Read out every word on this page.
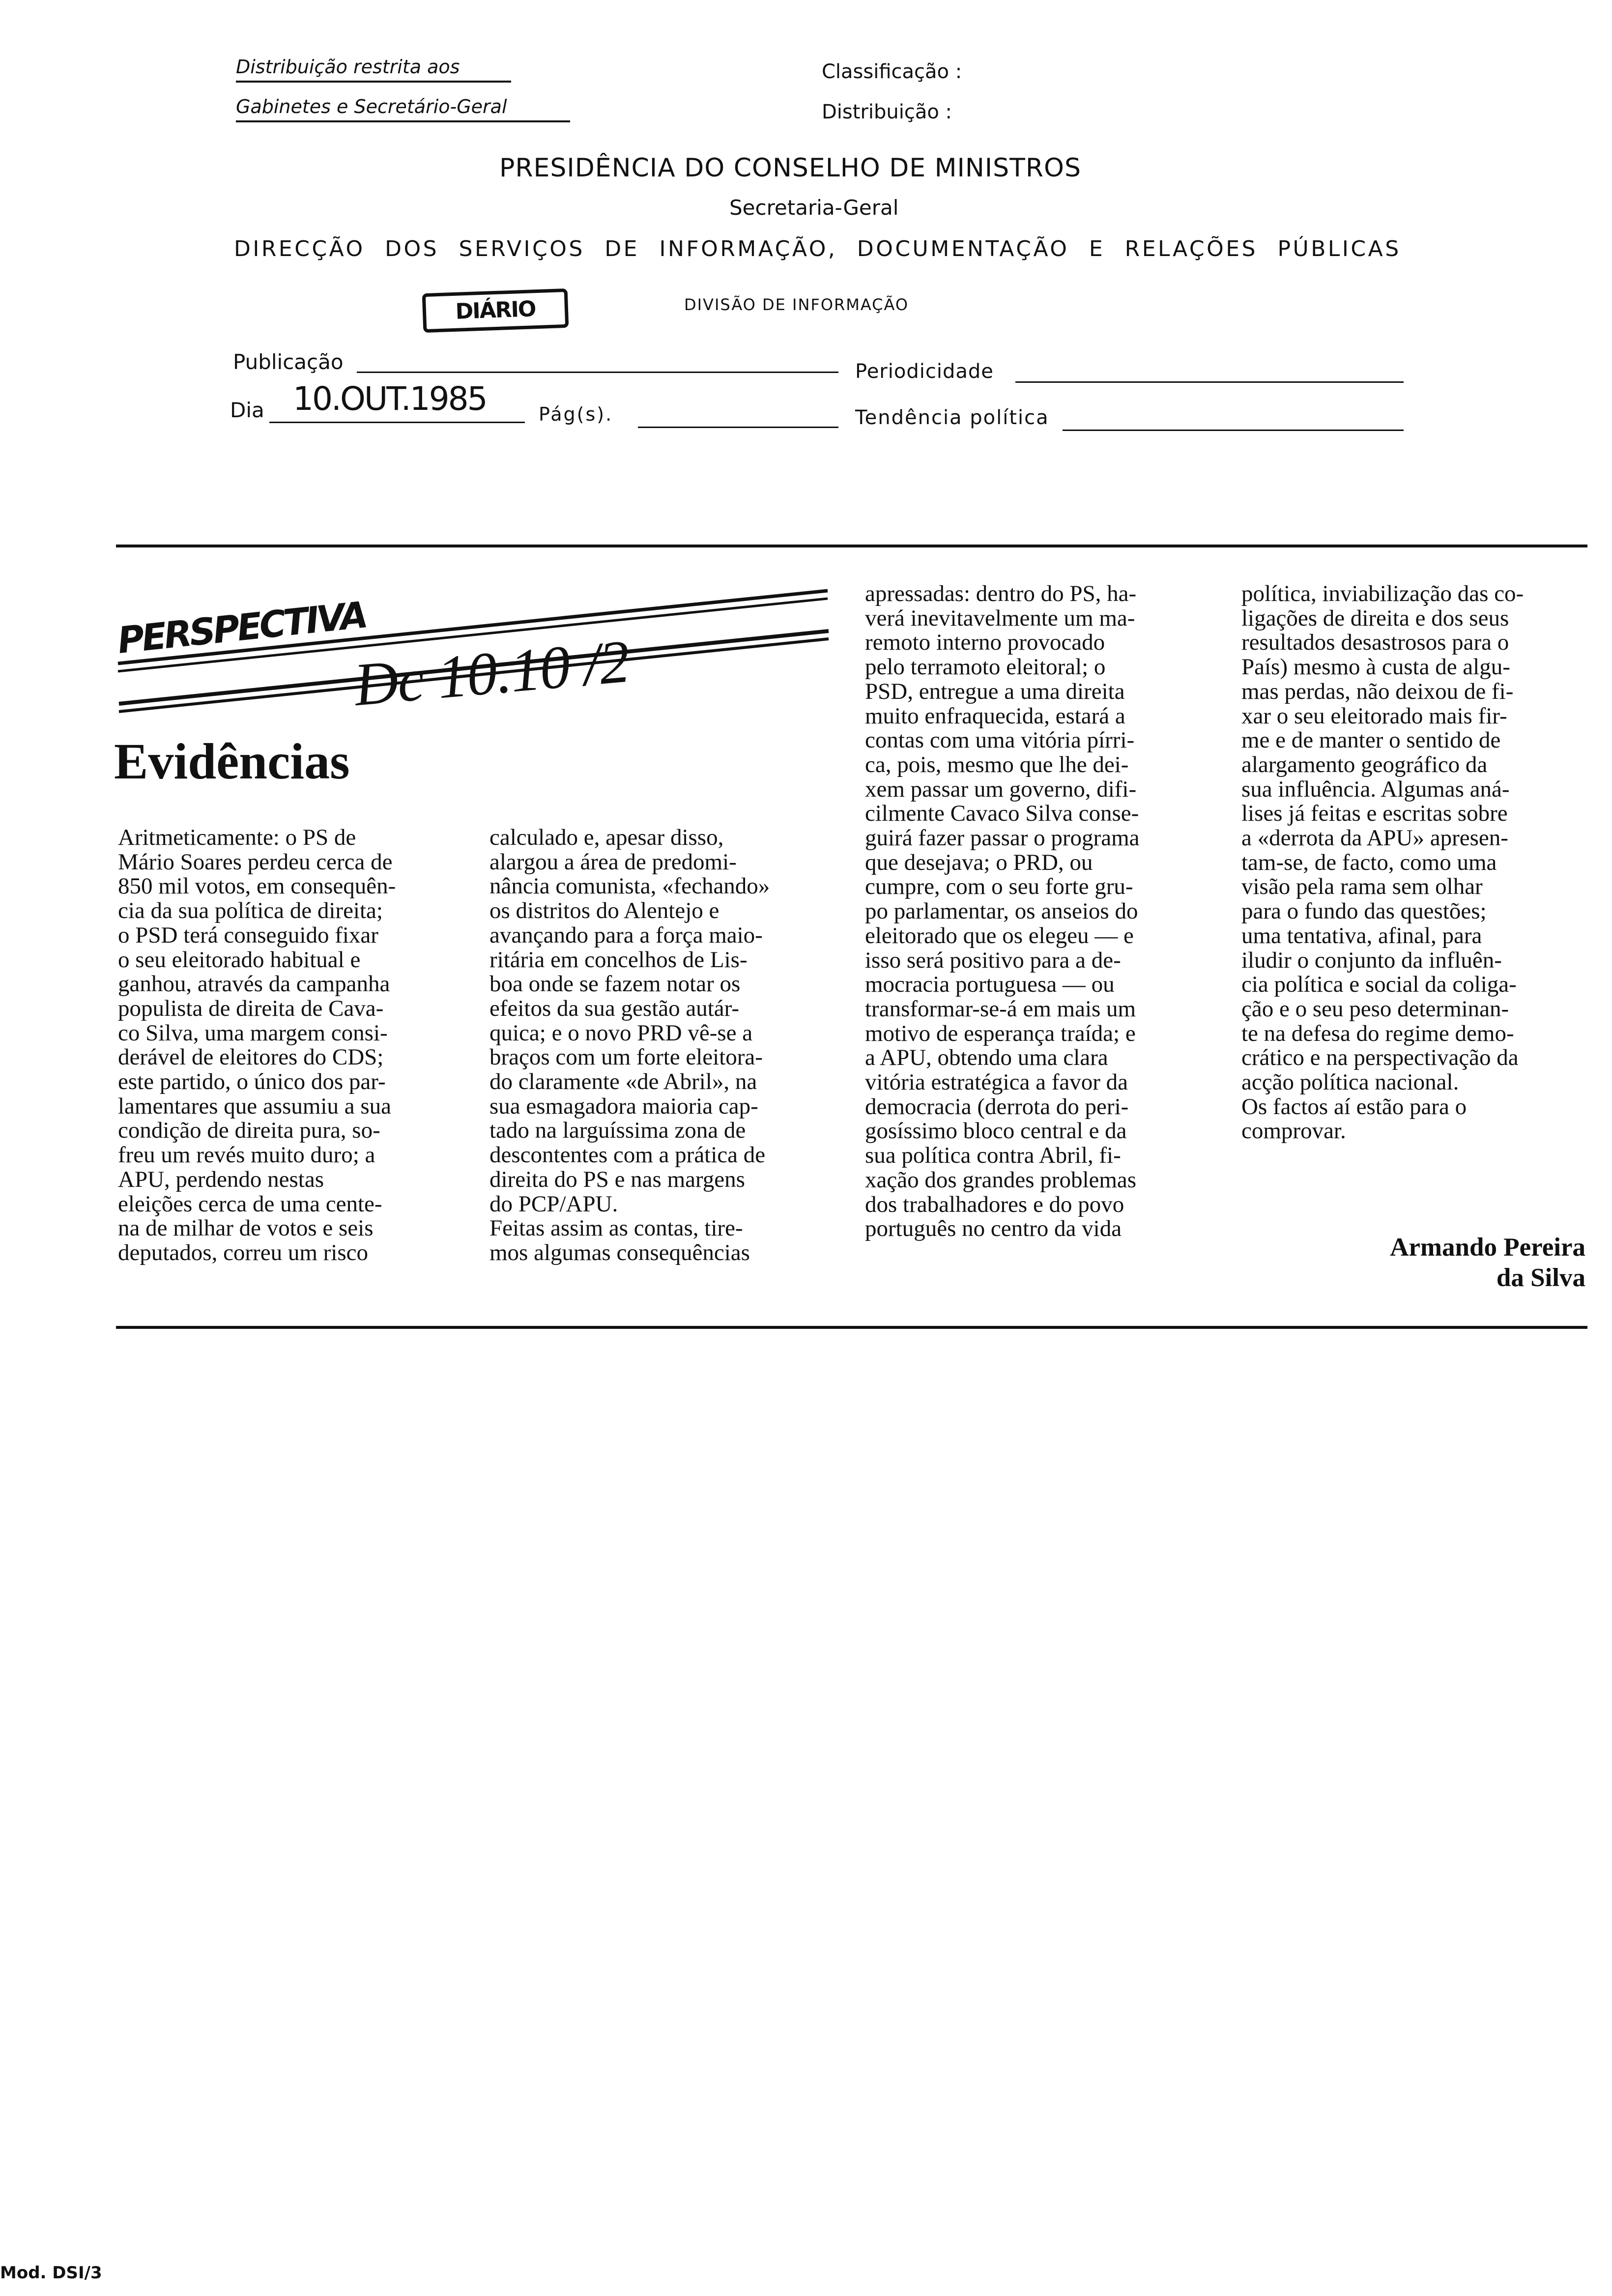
Distribuição restrita aos
Gabinetes e Secretário-Geral
Classificação :
Distribuição :
PRESIDÊNCIA DO CONSELHO DE MINISTROS
Secretaria-Geral
DIRECÇÃO DOS SERVIÇOS DE INFORMAÇÃO, DOCUMENTAÇÃO E RELAÇÕES PÚBLICAS
DIÁRIO	DIVISÃO DE INFORMAÇÃO
Publicação	Periodicidade
Dia 10.OUT.1985	Pág(s).	Tendência política
PERSPECTIVA
Dc 10.10 /2
Evidências
Aritmeticamente: o PS de
Mário Soares perdeu cerca de
850 mil votos, em consequên-
cia da sua política de direita;
o PSD terá conseguido fixar
o seu eleitorado habitual e
ganhou, através da campanha
populista de direita de Cava-
co Silva, uma margem consi-
derável de eleitores do CDS;
este partido, o único dos par-
lamentares que assumiu a sua
condição de direita pura, so-
freu um revés muito duro; a
APU, perdendo nestas
eleições cerca de uma cente-
na de milhar de votos e seis
deputados, correu um risco
calculado e, apesar disso,
alargou a área de predomi-
nância comunista, «fechando»
os distritos do Alentejo e
avançando para a força maio-
ritária em concelhos de Lis-
boa onde se fazem notar os
efeitos da sua gestão autár-
quica; e o novo PRD vê-se a
braços com um forte eleitora-
do claramente «de Abril», na
sua esmagadora maioria cap-
tado na larguíssima zona de
descontentes com a prática de
direita do PS e nas margens
do PCP/APU.
Feitas assim as contas, tire-
mos algumas consequências
apressadas: dentro do PS, ha-
verá inevitavelmente um ma-
remoto interno provocado
pelo terramoto eleitoral; o
PSD, entregue a uma direita
muito enfraquecida, estará a
contas com uma vitória pírri-
ca, pois, mesmo que lhe dei-
xem passar um governo, difi-
cilmente Cavaco Silva conse-
guirá fazer passar o programa
que desejava; o PRD, ou
cumpre, com o seu forte gru-
po parlamentar, os anseios do
eleitorado que os elegeu — e
isso será positivo para a de-
mocracia portuguesa — ou
transformar-se-á em mais um
motivo de esperança traída; e
a APU, obtendo uma clara
vitória estratégica a favor da
democracia (derrota do peri-
gosíssimo bloco central e da
sua política contra Abril, fi-
xação dos grandes problemas
dos trabalhadores e do povo
português no centro da vida
política, inviabilização das co-
ligações de direita e dos seus
resultados desastrosos para o
País) mesmo à custa de algu-
mas perdas, não deixou de fi-
xar o seu eleitorado mais fir-
me e de manter o sentido de
alargamento geográfico da
sua influência. Algumas aná-
lises já feitas e escritas sobre
a «derrota da APU» apresen-
tam-se, de facto, como uma
visão pela rama sem olhar
para o fundo das questões;
uma tentativa, afinal, para
iludir o conjunto da influên-
cia política e social da coliga-
ção e o seu peso determinan-
te na defesa do regime demo-
crático e na perspectivação da
acção política nacional.
Os factos aí estão para o
comprovar.
Armando Pereira
da Silva
Mod. DSI/3
